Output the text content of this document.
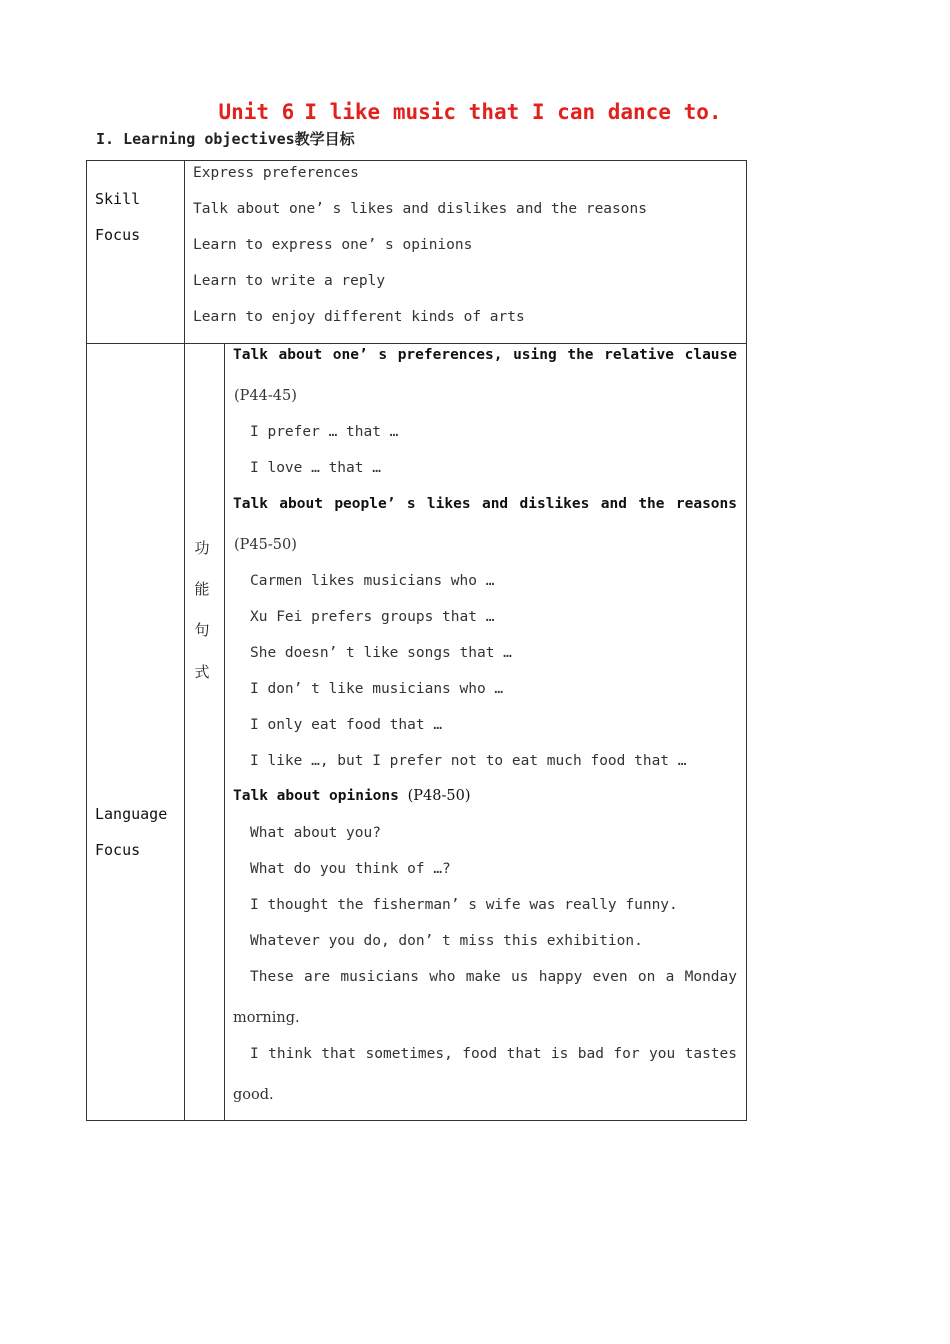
Unit 6 I like music that I can dance to.
I. Learning objectives教学目标
Skill
Focus
Express preferences
Talk about one’ s likes and dislikes and the reasons
Learn to express one’ s opinions
Learn to write a reply
Learn to enjoy different kinds of arts
Language
Focus
功
能
句
式
Talk about one’ s preferences, using the relative clause
(P44-45)
I prefer … that …
I love … that …
Talk about people’ s likes and dislikes and the reasons
(P45-50)
Carmen likes musicians who …
Xu Fei prefers groups that …
She doesn’ t like songs that …
I don’ t like musicians who …
I only eat food that …
I like …, but I prefer not to eat much food that …
Talk about opinions (P48-50)
What about you?
What do you think of …?
I thought the fisherman’ s wife was really funny.
Whatever you do, don’ t miss this exhibition.
These are musicians who make us happy even on a Monday
morning.
I think that sometimes, food that is bad for you tastes
good.
